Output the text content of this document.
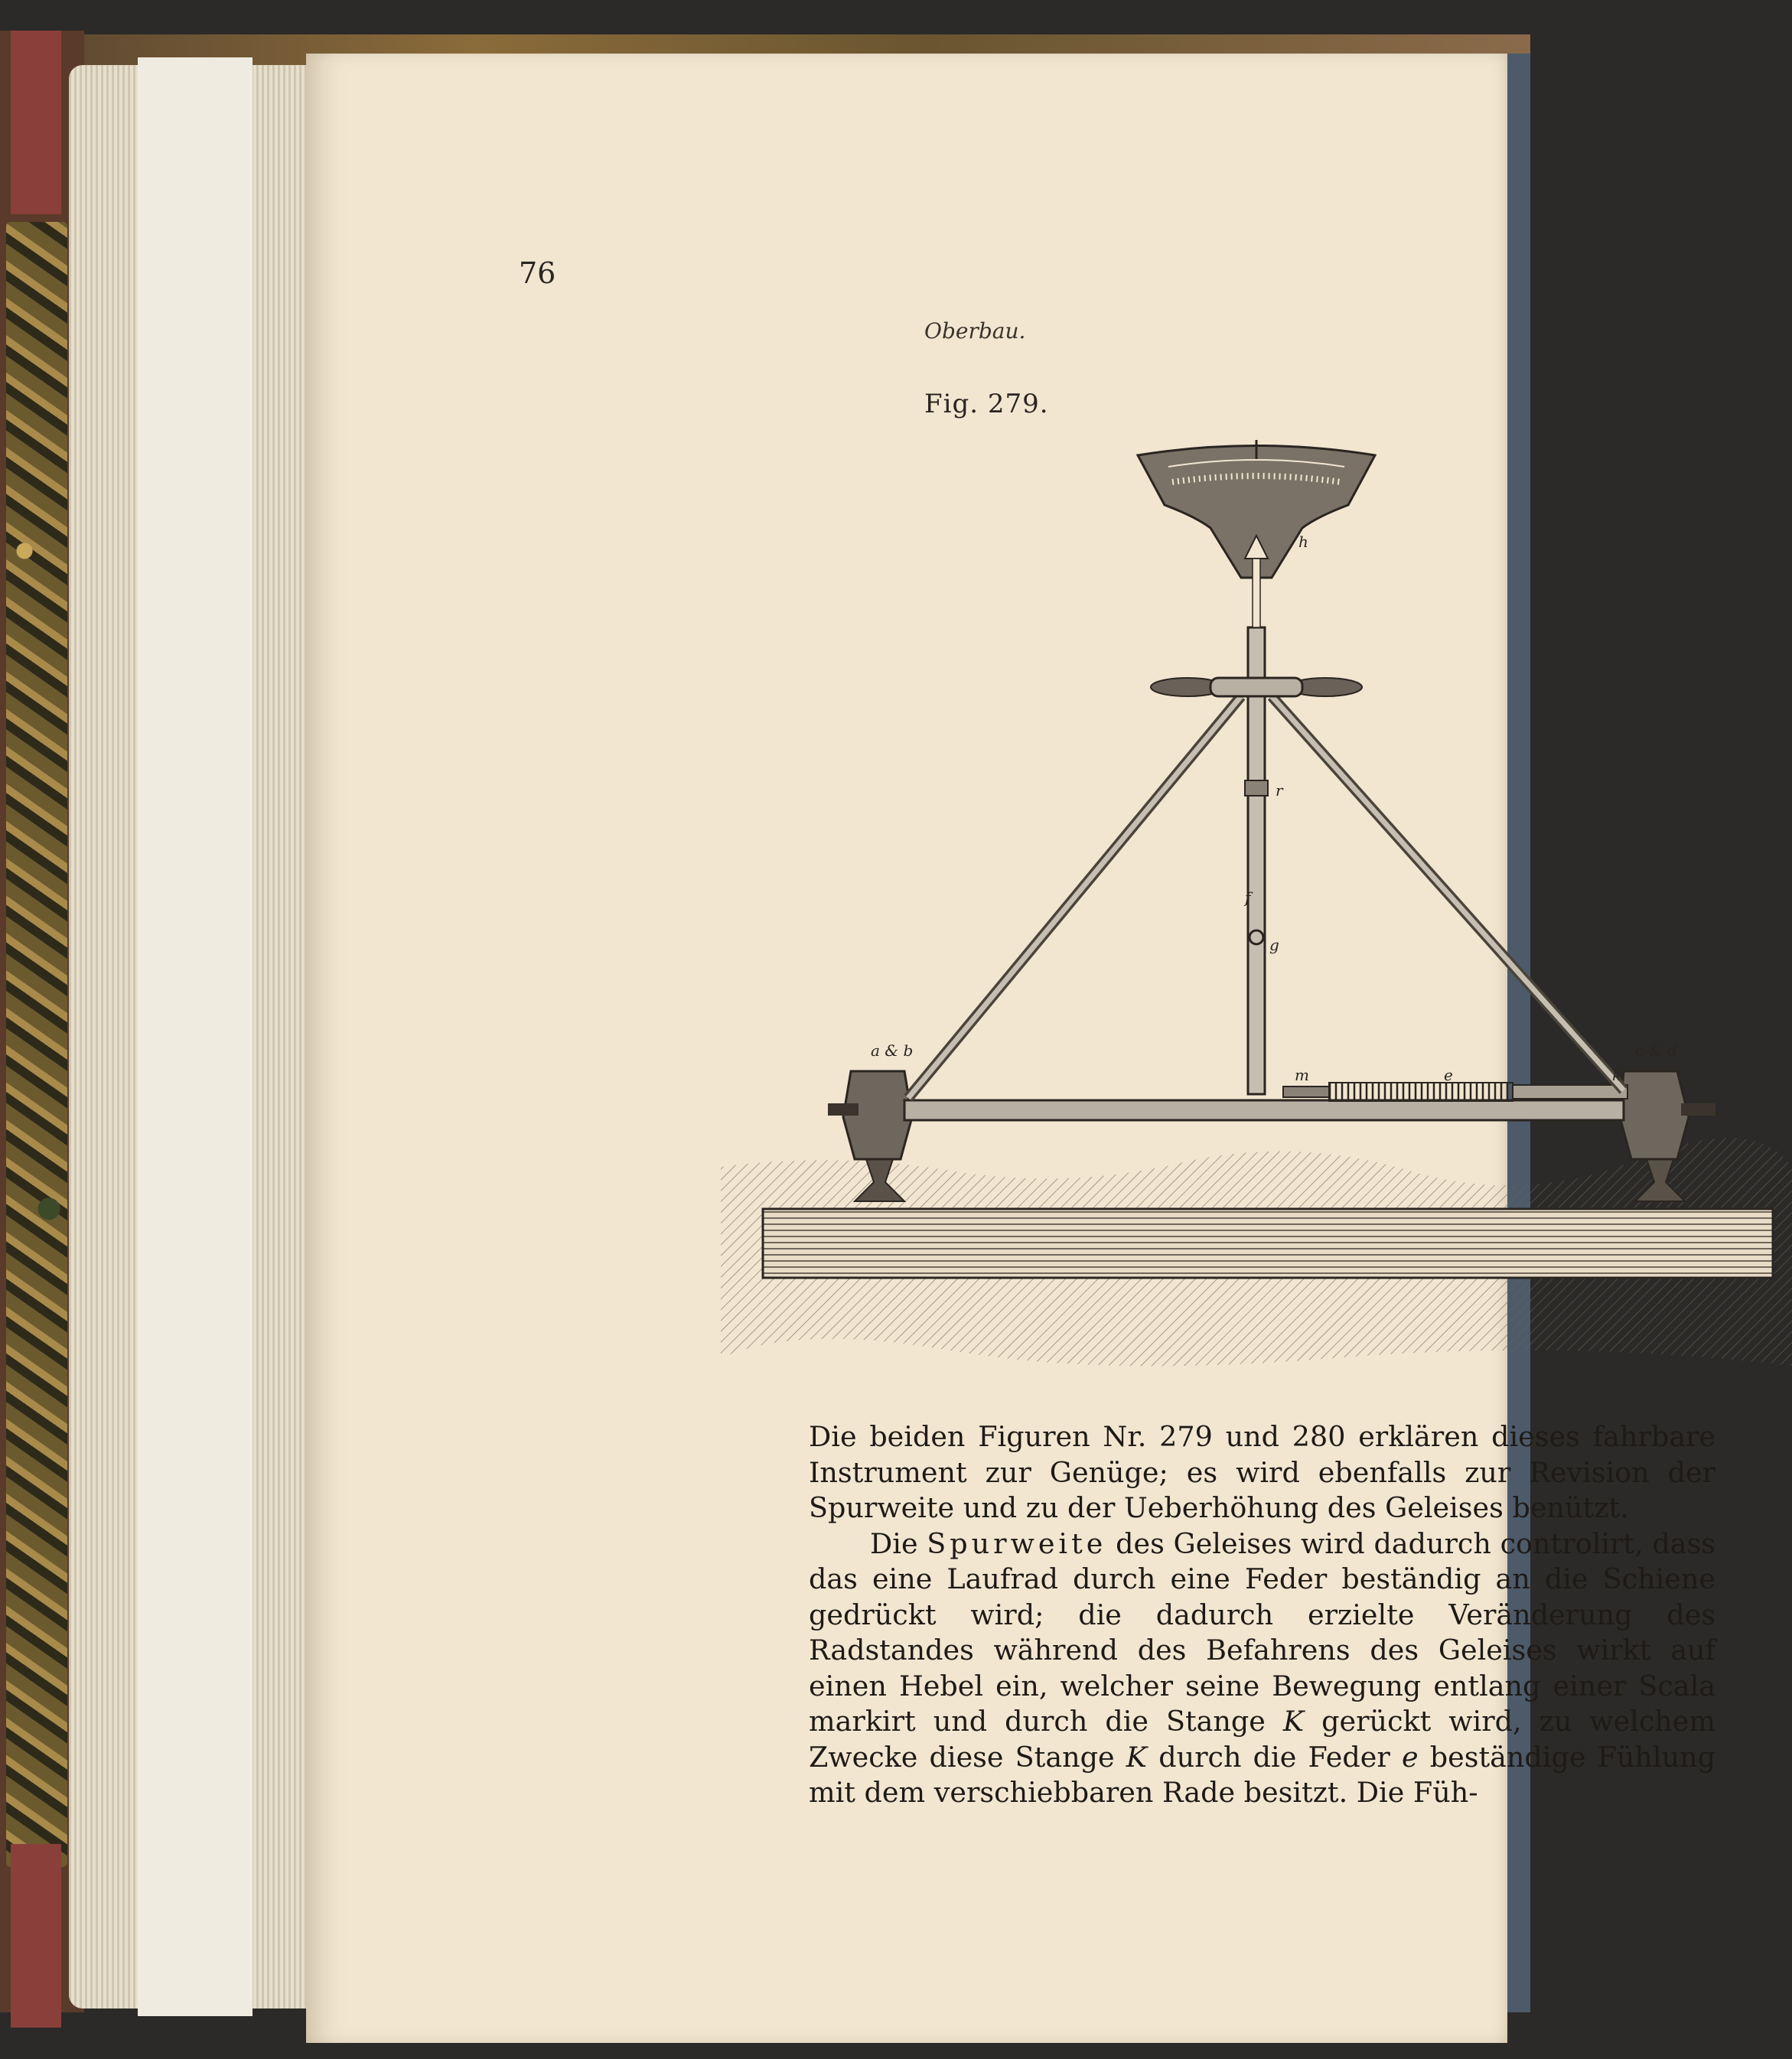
76
Oberbau.
Fig. 279.
a & b	c & d
h
r
f
g
m	e	k

Die beiden Figuren Nr. 279 und 280 erklären dieses fahrbare Instrument zur Genüge; es wird ebenfalls zur Revision der Spurweite und zu der Ueberhöhung des Geleises benützt.

Die Spurweite des Geleises wird dadurch controlirt, dass das eine Laufrad durch eine Feder beständig an die Schiene gedrückt wird; die dadurch erzielte Veränderung des Radstandes während des Befahrens des Geleises wirkt auf einen Hebel ein, welcher seine Bewegung entlang einer Scala markirt und durch die Stange K gerückt wird, zu welchem Zwecke diese Stange K durch die Feder e beständige Fühlung mit dem verschiebbaren Rade besitzt. Die Füh-
